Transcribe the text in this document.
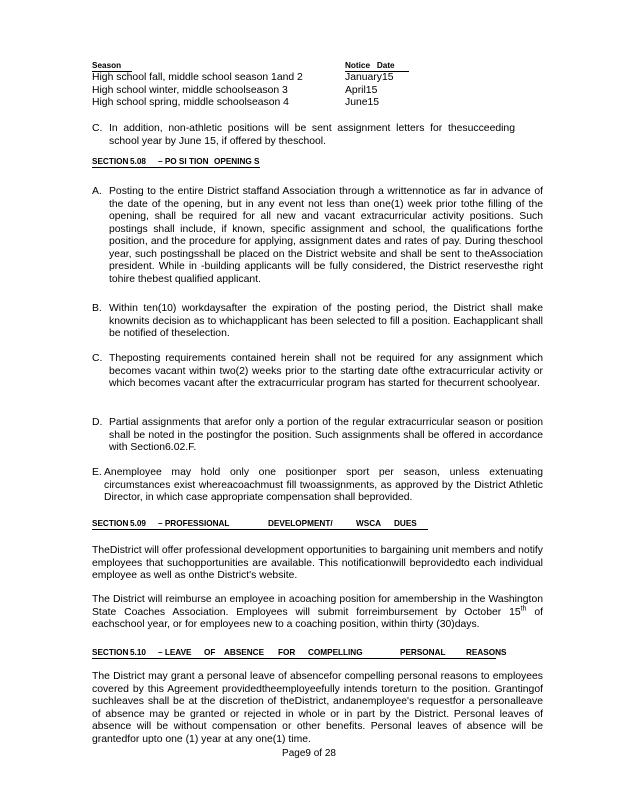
Season	Notice Date
High school fall, middle school season 1and 2	January15
High school winter, middle schoolseason 3	April15
High school spring, middle schoolseason 4	June15
C. In addition, non-athletic positions will be sent assignment letters for thesucceeding school year by June 15, if offered by theschool.

SECTION 5.08 – PO SI TION OPENING S
A. Posting to the entire District staffand Association through a writtennotice as far in advance of the date of the opening, but in any event not less than one(1) week prior tothe filling of the opening, shall be required for all new and vacant extracurricular activity positions. Such postings shall include, if known, specific assignment and school, the qualifications forthe position, and the procedure for applying, assignment dates and rates of pay. During theschool year, such postingsshall be placed on the District website and shall be sent to theAssociation president. While in -building applicants will be fully considered, the District reservesthe right tohire thebest qualified applicant.

B. Within ten(10) workdaysafter the expiration of the posting period, the District shall make knownits decision as to whichapplicant has been selected to fill a position. Eachapplicant shall be notified of theselection.

C. Theposting requirements contained herein shall not be required for any assignment which becomes vacant within two(2) weeks prior to the starting date ofthe extracurricular activity or which becomes vacant after the extracurricular program has started for thecurrent schoolyear.

D. Partial assignments that arefor only a portion of the regular extracurricular season or position shall be noted in the postingfor the position. Such assignments shall be offered in accordance with Section6.02.F.

E. Anemployee may hold only one positionper sport per season, unless extenuating circumstances exist whereacoachmust fill twoassignments, as approved by the District Athletic Director, in which case appropriate compensation shall beprovided.

SECTION 5.09 – PROFESSIONAL	DEVELOPMENT/	WSCA DUES

TheDistrict will offer professional development opportunities to bargaining unit members and notify employees that suchopportunities are available. This notificationwill beprovidedto each individual employee as well as onthe District's website.

The District will reimburse an employee in acoaching position for amembership in the Washington State Coaches Association. Employees will submit forreimbursement by October 15th of eachschool year, or for employees new to a coaching position, within thirty (30)days.

SECTION 5.10 – LEAVE OF ABSENCE FOR COMPELLING	PERSONAL	REASONS

The District may grant a personal leave of absencefor compelling personal reasons to employees covered by this Agreement providedtheemployeefully intends toreturn to the position. Grantingof suchleaves shall be at the discretion of theDistrict, andanemployee's requestfor a personalleave of absence may be granted or rejected in whole or in part by the District. Personal leaves of absence will be without compensation or other benefits. Personal leaves of absence will be grantedfor upto one (1) year at any one(1) time.

Page9 of 28
